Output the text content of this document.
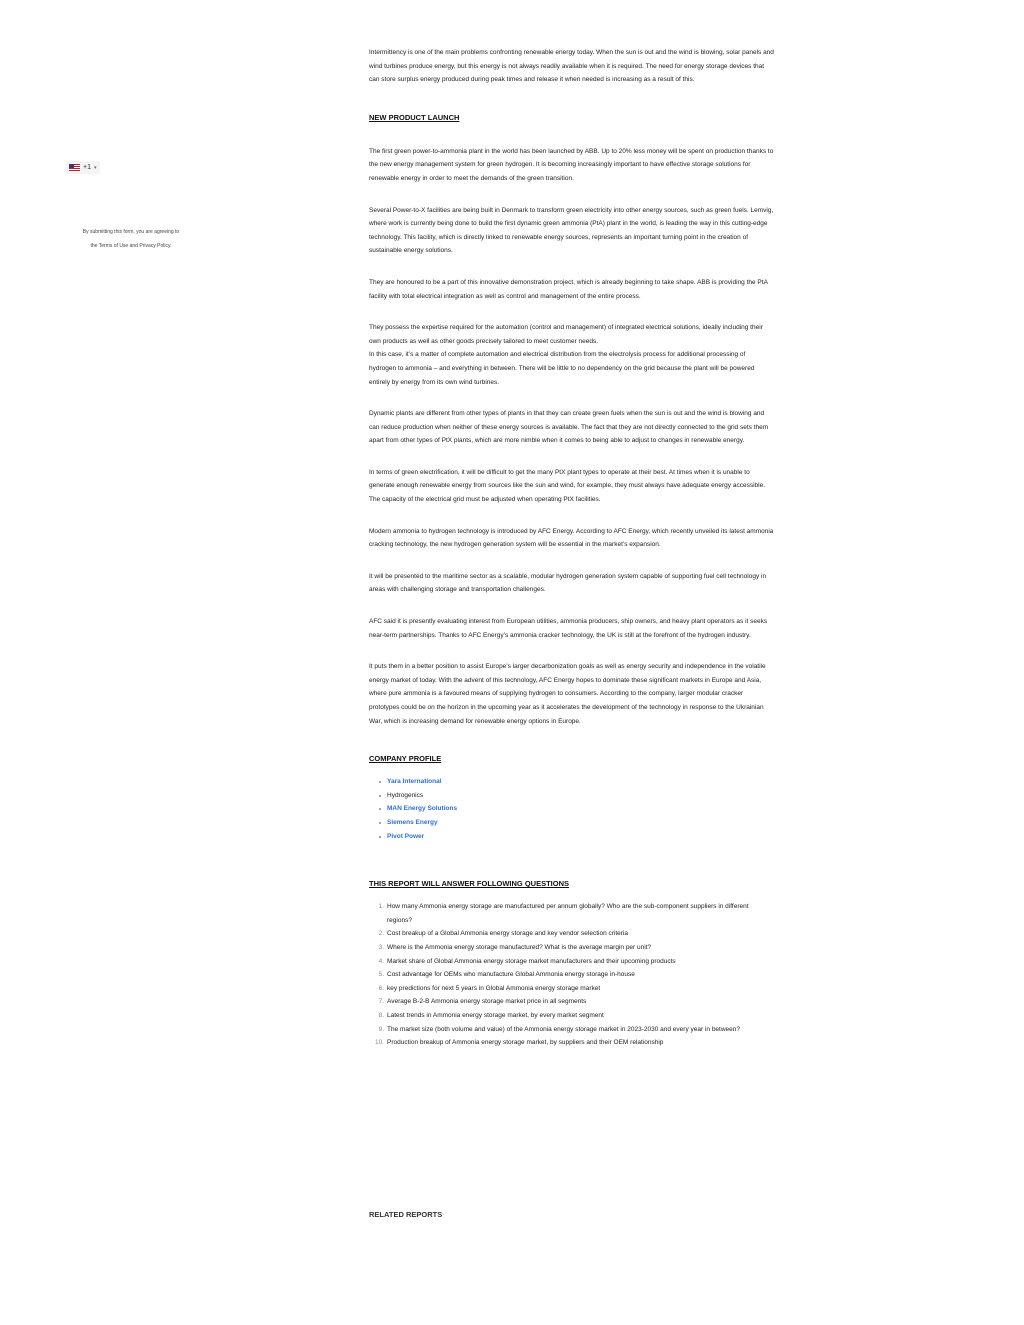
+1 ▾
By submitting this form, you are agreeing to
the Terms of Use and Privacy Policy.

Intermittency is one of the main problems confronting renewable energy today. When the sun is out and the wind is blowing, solar panels and wind turbines produce energy, but this energy is not always readily available when it is required. The need for energy storage devices that can store surplus energy produced during peak times and release it when needed is increasing as a result of this.

NEW PRODUCT LAUNCH

The first green power-to-ammonia plant in the world has been launched by ABB. Up to 20% less money will be spent on production thanks to the new energy management system for green hydrogen. It is becoming increasingly important to have effective storage solutions for renewable energy in order to meet the demands of the green transition.

Several Power-to-X facilities are being built in Denmark to transform green electricity into other energy sources, such as green fuels. Lemvig, where work is currently being done to build the first dynamic green ammonia (PtA) plant in the world, is leading the way in this cutting-edge technology. This facility, which is directly linked to renewable energy sources, represents an important turning point in the creation of sustainable energy solutions.

They are honoured to be a part of this innovative demonstration project, which is already beginning to take shape. ABB is providing the PtA facility with total electrical integration as well as control and management of the entire process.

They possess the expertise required for the automation (control and management) of integrated electrical solutions, ideally including their own products as well as other goods precisely tailored to meet customer needs.

In this case, it’s a matter of complete automation and electrical distribution from the electrolysis process for additional processing of hydrogen to ammonia – and everything in between. There will be little to no dependency on the grid because the plant will be powered entirely by energy from its own wind turbines.

Dynamic plants are different from other types of plants in that they can create green fuels when the sun is out and the wind is blowing and can reduce production when neither of these energy sources is available. The fact that they are not directly connected to the grid sets them apart from other types of PtX plants, which are more nimble when it comes to being able to adjust to changes in renewable energy.

In terms of green electrification, it will be difficult to get the many PtX plant types to operate at their best. At times when it is unable to generate enough renewable energy from sources like the sun and wind, for example, they must always have adequate energy accessible. The capacity of the electrical grid must be adjusted when operating PtX facilities.

Modern ammonia to hydrogen technology is introduced by AFC Energy. According to AFC Energy, which recently unveiled its latest ammonia cracking technology, the new hydrogen generation system will be essential in the market’s expansion.

It will be presented to the maritime sector as a scalable, modular hydrogen generation system capable of supporting fuel cell technology in areas with challenging storage and transportation challenges.

AFC said it is presently evaluating interest from European utilities, ammonia producers, ship owners, and heavy plant operators as it seeks near-term partnerships. Thanks to AFC Energy’s ammonia cracker technology, the UK is still at the forefront of the hydrogen industry.

It puts them in a better position to assist Europe’s larger decarbonization goals as well as energy security and independence in the volatile energy market of today. With the advent of this technology, AFC Energy hopes to dominate these significant markets in Europe and Asia, where pure ammonia is a favoured means of supplying hydrogen to consumers. According to the company, larger modular cracker prototypes could be on the horizon in the upcoming year as it accelerates the development of the technology in response to the Ukrainian War, which is increasing demand for renewable energy options in Europe.

COMPANY PROFILE
Yara International
Hydrogenics
MAN Energy Solutions
Siemens Energy
Pivot Power
THIS REPORT WILL ANSWER FOLLOWING QUESTIONS
1. How many Ammonia energy storage are manufactured per annum globally? Who are the sub-component suppliers in different regions?
2. Cost breakup of a Global Ammonia energy storage and key vendor selection criteria
3. Where is the Ammonia energy storage manufactured? What is the average margin per unit?
4. Market share of Global Ammonia energy storage market manufacturers and their upcoming products
5. Cost advantage for OEMs who manufacture Global Ammonia energy storage in-house
6. key predictions for next 5 years in Global Ammonia energy storage market
7. Average B-2-B Ammonia energy storage market price in all segments
8. Latest trends in Ammonia energy storage market, by every market segment
9. The market size (both volume and value) of the Ammonia energy storage market in 2023-2030 and every year in between?
10. Production breakup of Ammonia energy storage market, by suppliers and their OEM relationship
RELATED REPORTS
